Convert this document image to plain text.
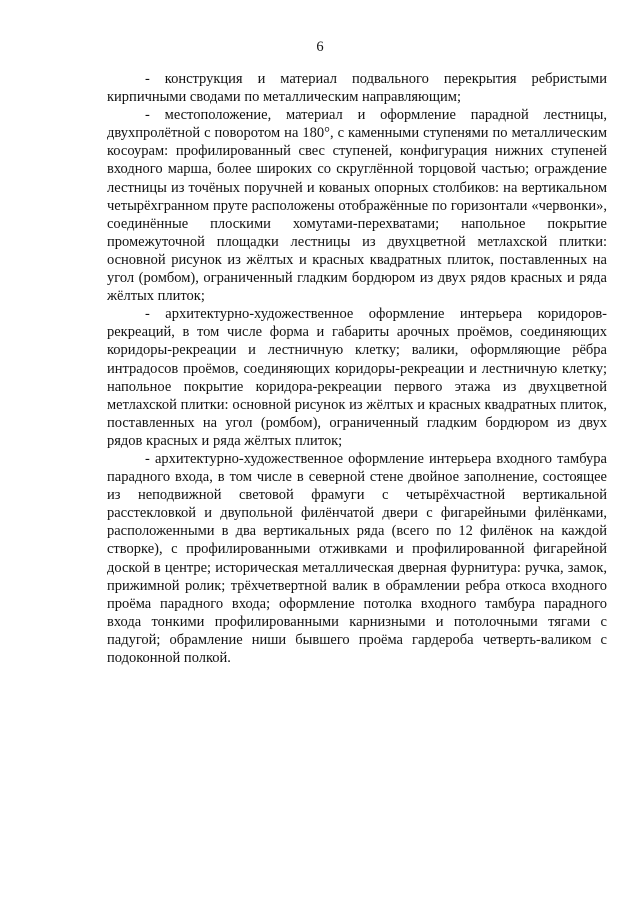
6

- конструкция и материал подвального перекрытия ребристыми кирпичными сводами по металлическим направляющим;

- местоположение, материал и оформление парадной лестницы, двухпролётной с поворотом на 180°, с каменными ступенями по металлическим косоурам: профилированный свес ступеней, конфигурация нижних ступеней входного марша, более широких со скруглённой торцовой частью; ограждение лестницы из точёных поручней и кованых опорных столбиков: на вертикальном четырёхгранном пруте расположены отображённые по горизонтали «червонки», соединённые плоскими хомутами-перехватами; напольное покрытие промежуточной площадки лестницы из двухцветной метлахской плитки: основной рисунок из жёлтых и красных квадратных плиток, поставленных на угол (ромбом), ограниченный гладким бордюром из двух рядов красных и ряда жёлтых плиток;

- архитектурно-художественное оформление интерьера коридоров-рекреаций, в том числе форма и габариты арочных проёмов, соединяющих коридоры-рекреации и лестничную клетку; валики, оформляющие рёбра интрадосов проёмов, соединяющих коридоры-рекреации и лестничную клетку; напольное покрытие коридора-рекреации первого этажа из двухцветной метлахской плитки: основной рисунок из жёлтых и красных квадратных плиток, поставленных на угол (ромбом), ограниченный гладким бордюром из двух рядов красных и ряда жёлтых плиток;

- архитектурно-художественное оформление интерьера входного тамбура парадного входа, в том числе в северной стене двойное заполнение, состоящее из неподвижной световой фрамуги с четырёхчастной вертикальной расстекловкой и двупольной филёнчатой двери с фигарейными филёнками, расположенными в два вертикальных ряда (всего по 12 филёнок на каждой створке), с профилированными отживками и профилированной фигарейной доской в центре; историческая металлическая дверная фурнитура: ручка, замок, прижимной ролик; трёхчетвертной валик в обрамлении ребра откоса входного проёма парадного входа; оформление потолка входного тамбура парадного входа тонкими профилированными карнизными и потолочными тягами с падугой; обрамление ниши бывшего проёма гардероба четверть-валиком с подоконной полкой.
